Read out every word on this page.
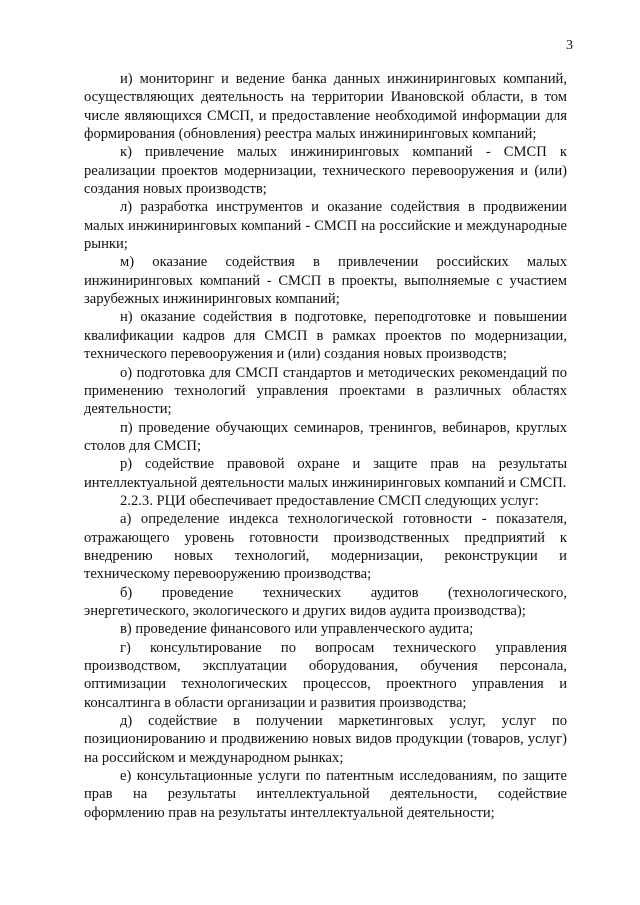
3

и) мониторинг и ведение банка данных инжиниринговых компаний, осуществляющих деятельность на территории Ивановской области, в том числе являющихся СМСП, и предоставление необходимой информации для формирования (обновления) реестра малых инжиниринговых компаний;

к) привлечение малых инжиниринговых компаний - СМСП к реализации проектов модернизации, технического перевооружения и (или) создания новых производств;

л) разработка инструментов и оказание содействия в продвижении малых инжиниринговых компаний - СМСП на российские и международные рынки;

м) оказание содействия в привлечении российских малых инжиниринговых компаний - СМСП в проекты, выполняемые с участием зарубежных инжиниринговых компаний;

н) оказание содействия в подготовке, переподготовке и повышении квалификации кадров для СМСП в рамках проектов по модернизации, технического перевооружения и (или) создания новых производств;

о) подготовка для СМСП стандартов и методических рекомендаций по применению технологий управления проектами в различных областях деятельности;

п) проведение обучающих семинаров, тренингов, вебинаров, круглых столов для СМСП;

р) содействие правовой охране и защите прав на результаты интеллектуальной деятельности малых инжиниринговых компаний и СМСП.

2.2.3. РЦИ обеспечивает предоставление СМСП следующих услуг:

а) определение индекса технологической готовности - показателя, отражающего уровень готовности производственных предприятий к внедрению новых технологий, модернизации, реконструкции и техническому перевооружению производства;

б) проведение технических аудитов (технологического, энергетического, экологического и других видов аудита производства);

в) проведение финансового или управленческого аудита;

г) консультирование по вопросам технического управления производством, эксплуатации оборудования, обучения персонала, оптимизации технологических процессов, проектного управления и консалтинга в области организации и развития производства;

д) содействие в получении маркетинговых услуг, услуг по позиционированию и продвижению новых видов продукции (товаров, услуг) на российском и международном рынках;

е) консультационные услуги по патентным исследованиям, по защите прав на результаты интеллектуальной деятельности, содействие оформлению прав на результаты интеллектуальной деятельности;
